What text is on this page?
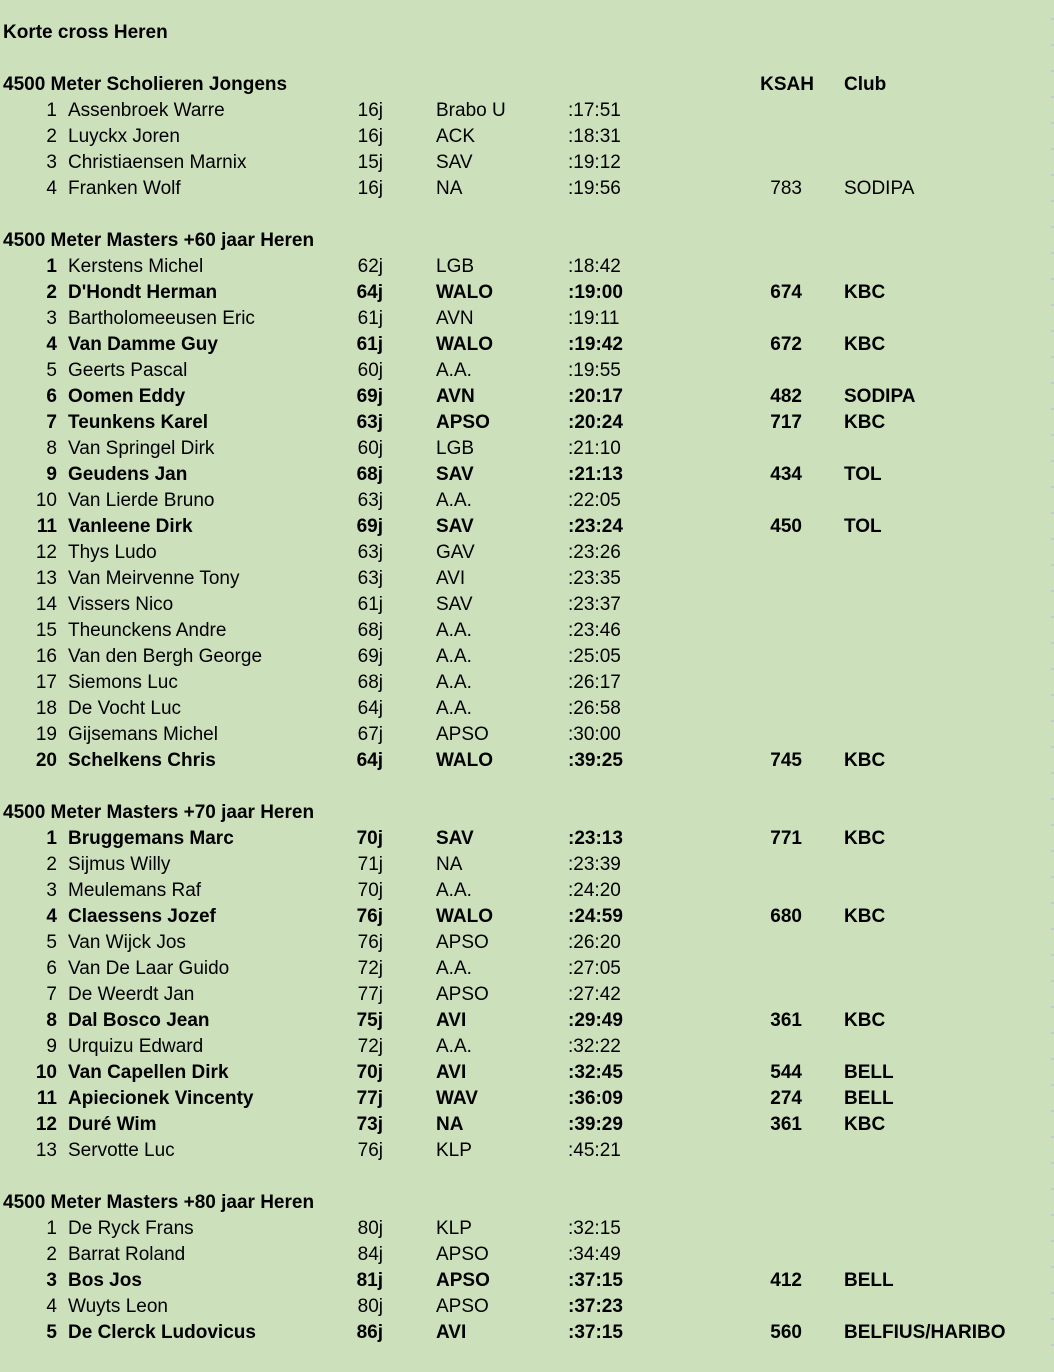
Korte cross Heren
4500 Meter Scholieren Jongens	KSAH Club
1 Assenbroek Warre	16j	Brabo U	:17:51
2 Luyckx Joren	16j	ACK	:18:31
3 Christiaensen Marnix	15j	SAV	:19:12
4 Franken Wolf	16j	NA	:19:56	783 SODIPA
4500 Meter Masters +60 jaar Heren
1 Kerstens Michel	62j	LGB	:18:42
2 D'Hondt Herman	64j	WALO	:19:00	674 KBC
3 Bartholomeeusen Eric	61j	AVN	:19:11
4 Van Damme Guy	61j	WALO	:19:42	672 KBC
5 Geerts Pascal	60j	A.A.	:19:55
6 Oomen Eddy	69j	AVN	:20:17	482 SODIPA
7 Teunkens Karel	63j	APSO	:20:24	717 KBC
8 Van Springel Dirk	60j	LGB	:21:10
9 Geudens Jan	68j	SAV	:21:13	434 TOL
10 Van Lierde Bruno	63j	A.A.	:22:05
11 Vanleene Dirk	69j	SAV	:23:24	450 TOL
12 Thys Ludo	63j	GAV	:23:26
13 Van Meirvenne Tony	63j	AVI	:23:35
14 Vissers Nico	61j	SAV	:23:37
15 Theunckens Andre	68j	A.A.	:23:46
16 Van den Bergh George	69j	A.A.	:25:05
17 Siemons Luc	68j	A.A.	:26:17
18 De Vocht Luc	64j	A.A.	:26:58
19 Gijsemans Michel	67j	APSO	:30:00
20 Schelkens Chris	64j	WALO	:39:25	745 KBC
4500 Meter Masters +70 jaar Heren
1 Bruggemans Marc	70j	SAV	:23:13	771 KBC
2 Sijmus Willy	71j	NA	:23:39
3 Meulemans Raf	70j	A.A.	:24:20
4 Claessens Jozef	76j	WALO	:24:59	680 KBC
5 Van Wijck Jos	76j	APSO	:26:20
6 Van De Laar Guido	72j	A.A.	:27:05
7 De Weerdt Jan	77j	APSO	:27:42
8 Dal Bosco Jean	75j	AVI	:29:49	361 KBC
9 Urquizu Edward	72j	A.A.	:32:22
10 Van Capellen Dirk	70j	AVI	:32:45	544 BELL
11 Apiecionek Vincenty	77j	WAV	:36:09	274 BELL
12 Duré Wim	73j	NA	:39:29	361 KBC
13 Servotte Luc	76j	KLP	:45:21
4500 Meter Masters +80 jaar Heren
1 De Ryck Frans	80j	KLP	:32:15
2 Barrat Roland	84j	APSO	:34:49
3 Bos Jos	81j	APSO	:37:15	412 BELL
4 Wuyts Leon	80j	APSO	:37:23
5 De Clerck Ludovicus	86j	AVI	:37:15	560 BELFIUS/HARIBO
